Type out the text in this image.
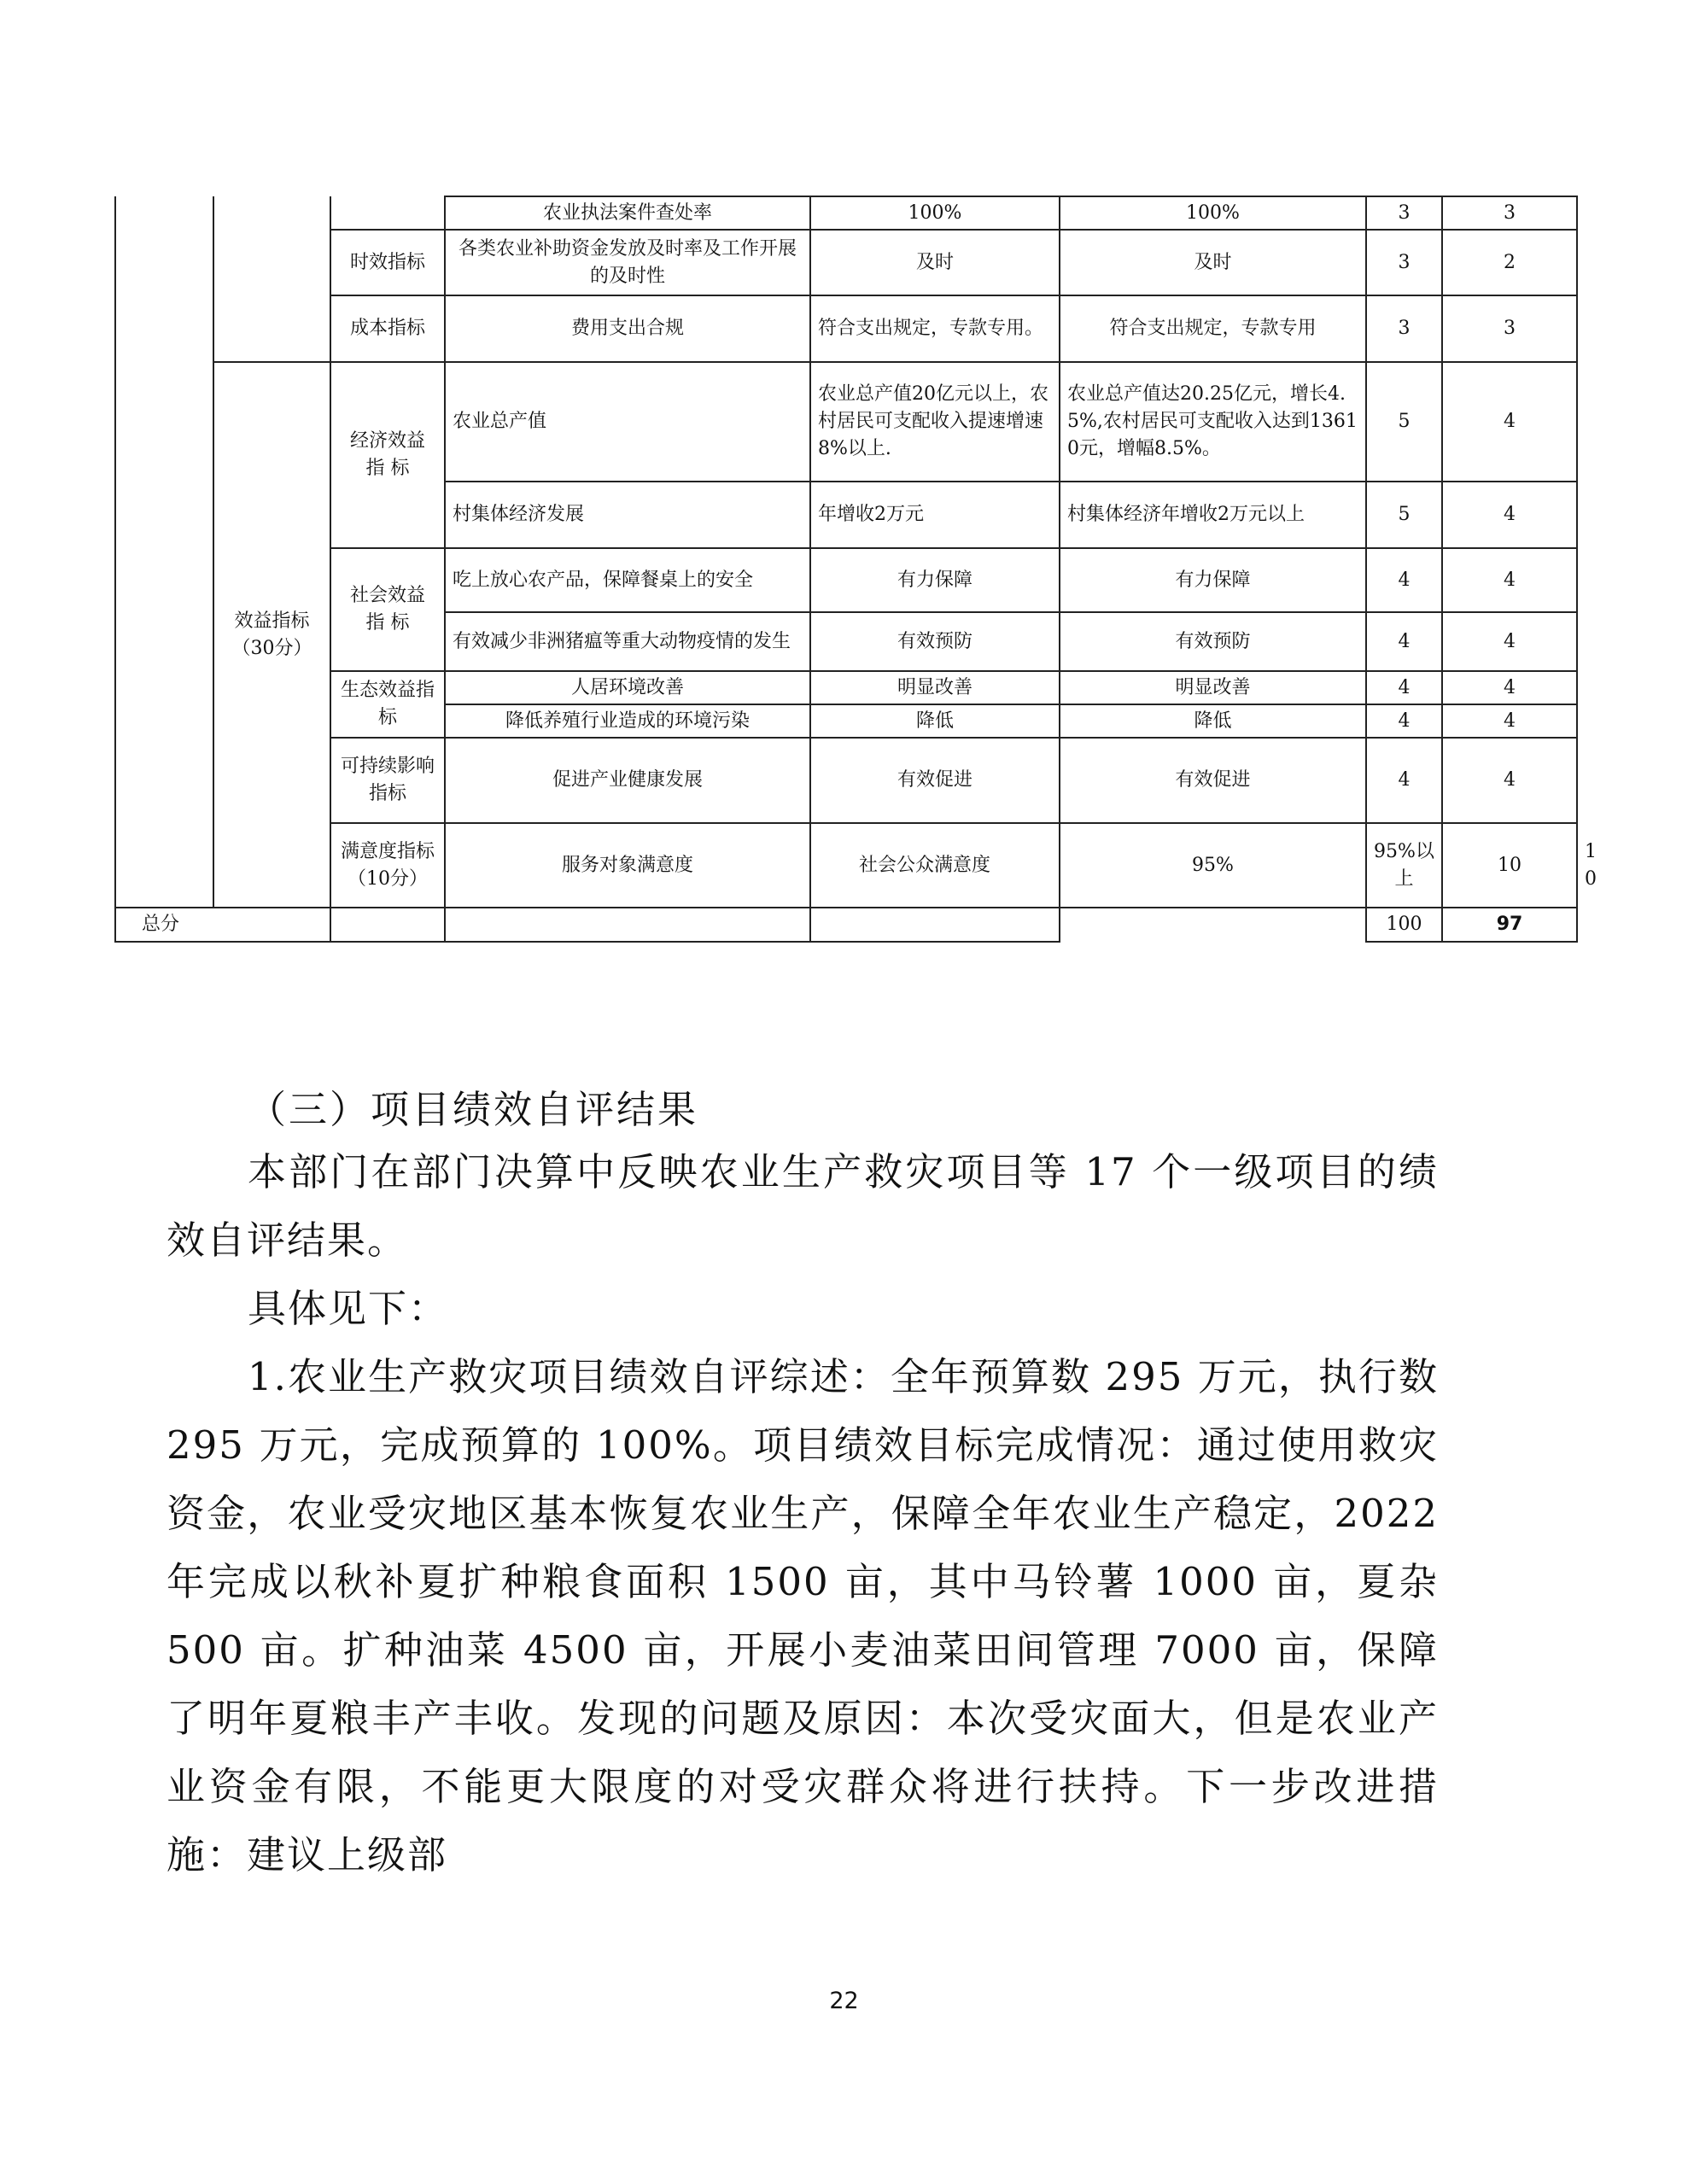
			农业执法案件查处率	100%	100%	3	3	
		时效指标	各类农业补助资金发放及时率及工作开展的及时性	及时	及时	3	2	
		成本指标	费用支出合规	符合支出规定，专款专用。	符合支出规定，专款专用	3	3	
	效益指标（30分）	经济效益 指 标	农业总产值	农业总产值20亿元以上，农村居民可支配收入提速增速8%以上.	农业总产值达20.25亿元，增长4.5%,农村居民可支配收入达到13610元，增幅8.5%。	5	4	
			村集体经济发展	年增收2万元	村集体经济年增收2万元以上	5	4	
		社会效益 指 标	吃上放心农产品，保障餐桌上的安全	有力保障	有力保障	4	4	
			有效减少非洲猪瘟等重大动物疫情的发生	有效预防	有效预防	4	4	
		生态效益指标	人居环境改善	明显改善	明显改善	4	4	
			降低养殖行业造成的环境污染	降低	降低	4	4	
		可持续影响指标	促进产业健康发展	有效促进	有效促进	4	4	
		满意度指标（10分）	服务对象满意度	社会公众满意度	95%	95%以上	10	10
总分						100	97	

（三）项目绩效自评结果

本部门在部门决算中反映农业生产救灾项目等 17 个一级项目的绩效自评结果。
具体见下：
1.农业生产救灾项目绩效自评综述：全年预算数 295 万元，执行数 295 万元，完成预算的 100%。项目绩效目标完成情况：通过使用救灾资金，农业受灾地区基本恢复农业生产，保障全年农业生产稳定，2022 年完成以秋补夏扩种粮食面积 1500 亩，其中马铃薯 1000 亩，夏杂 500 亩。扩种油菜 4500 亩，开展小麦油菜田间管理 7000 亩，保障了明年夏粮丰产丰收。发现的问题及原因：本次受灾面大，但是农业产业资金有限，不能更大限度的对受灾群众将进行扶持。下一步改进措施：建议上级部
22
